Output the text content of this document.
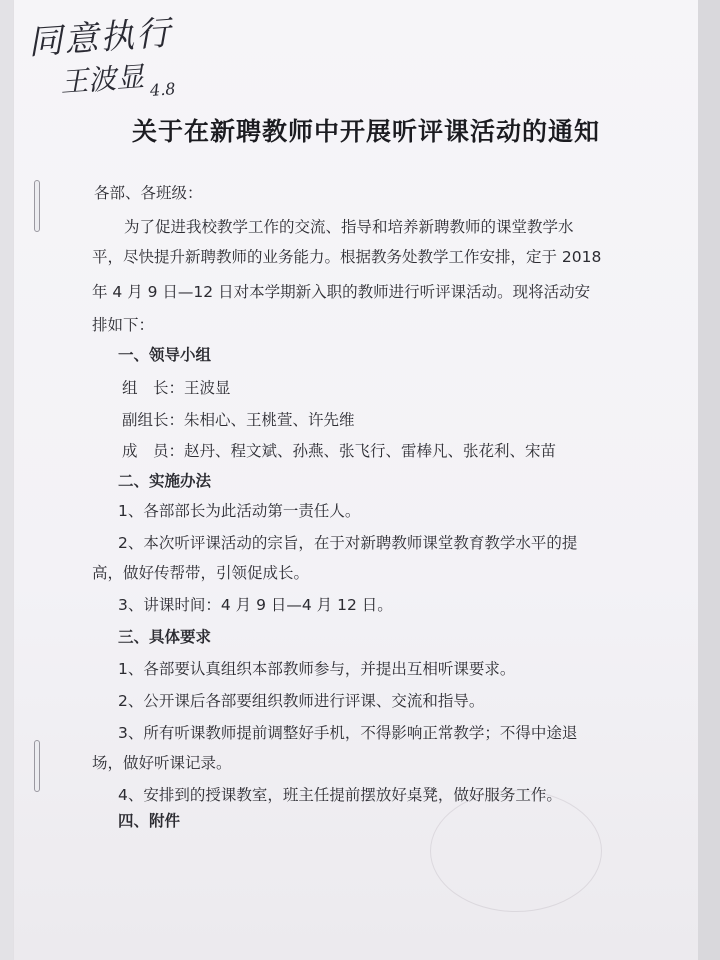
同意执行
王波显 4.8
关于在新聘教师中开展听评课活动的通知
各部、各班级：
为了促进我校教学工作的交流、指导和培养新聘教师的课堂教学水
平，尽快提升新聘教师的业务能力。根据教务处教学工作安排，定于 2018
年 4 月 9 日—12 日对本学期新入职的教师进行听评课活动。现将活动安
排如下：
一、领导小组
组　长：王波显
副组长：朱相心、王桃萱、许先维
成　员：赵丹、程文斌、孙燕、张飞行、雷棒凡、张花利、宋苗
二、实施办法
1、各部部长为此活动第一责任人。
2、本次听评课活动的宗旨，在于对新聘教师课堂教育教学水平的提
高，做好传帮带，引领促成长。
3、讲课时间：4 月 9 日—4 月 12 日。
三、具体要求
1、各部要认真组织本部教师参与，并提出互相听课要求。
2、公开课后各部要组织教师进行评课、交流和指导。
3、所有听课教师提前调整好手机，不得影响正常教学；不得中途退
场，做好听课记录。
4、安排到的授课教室，班主任提前摆放好桌凳，做好服务工作。
四、附件
